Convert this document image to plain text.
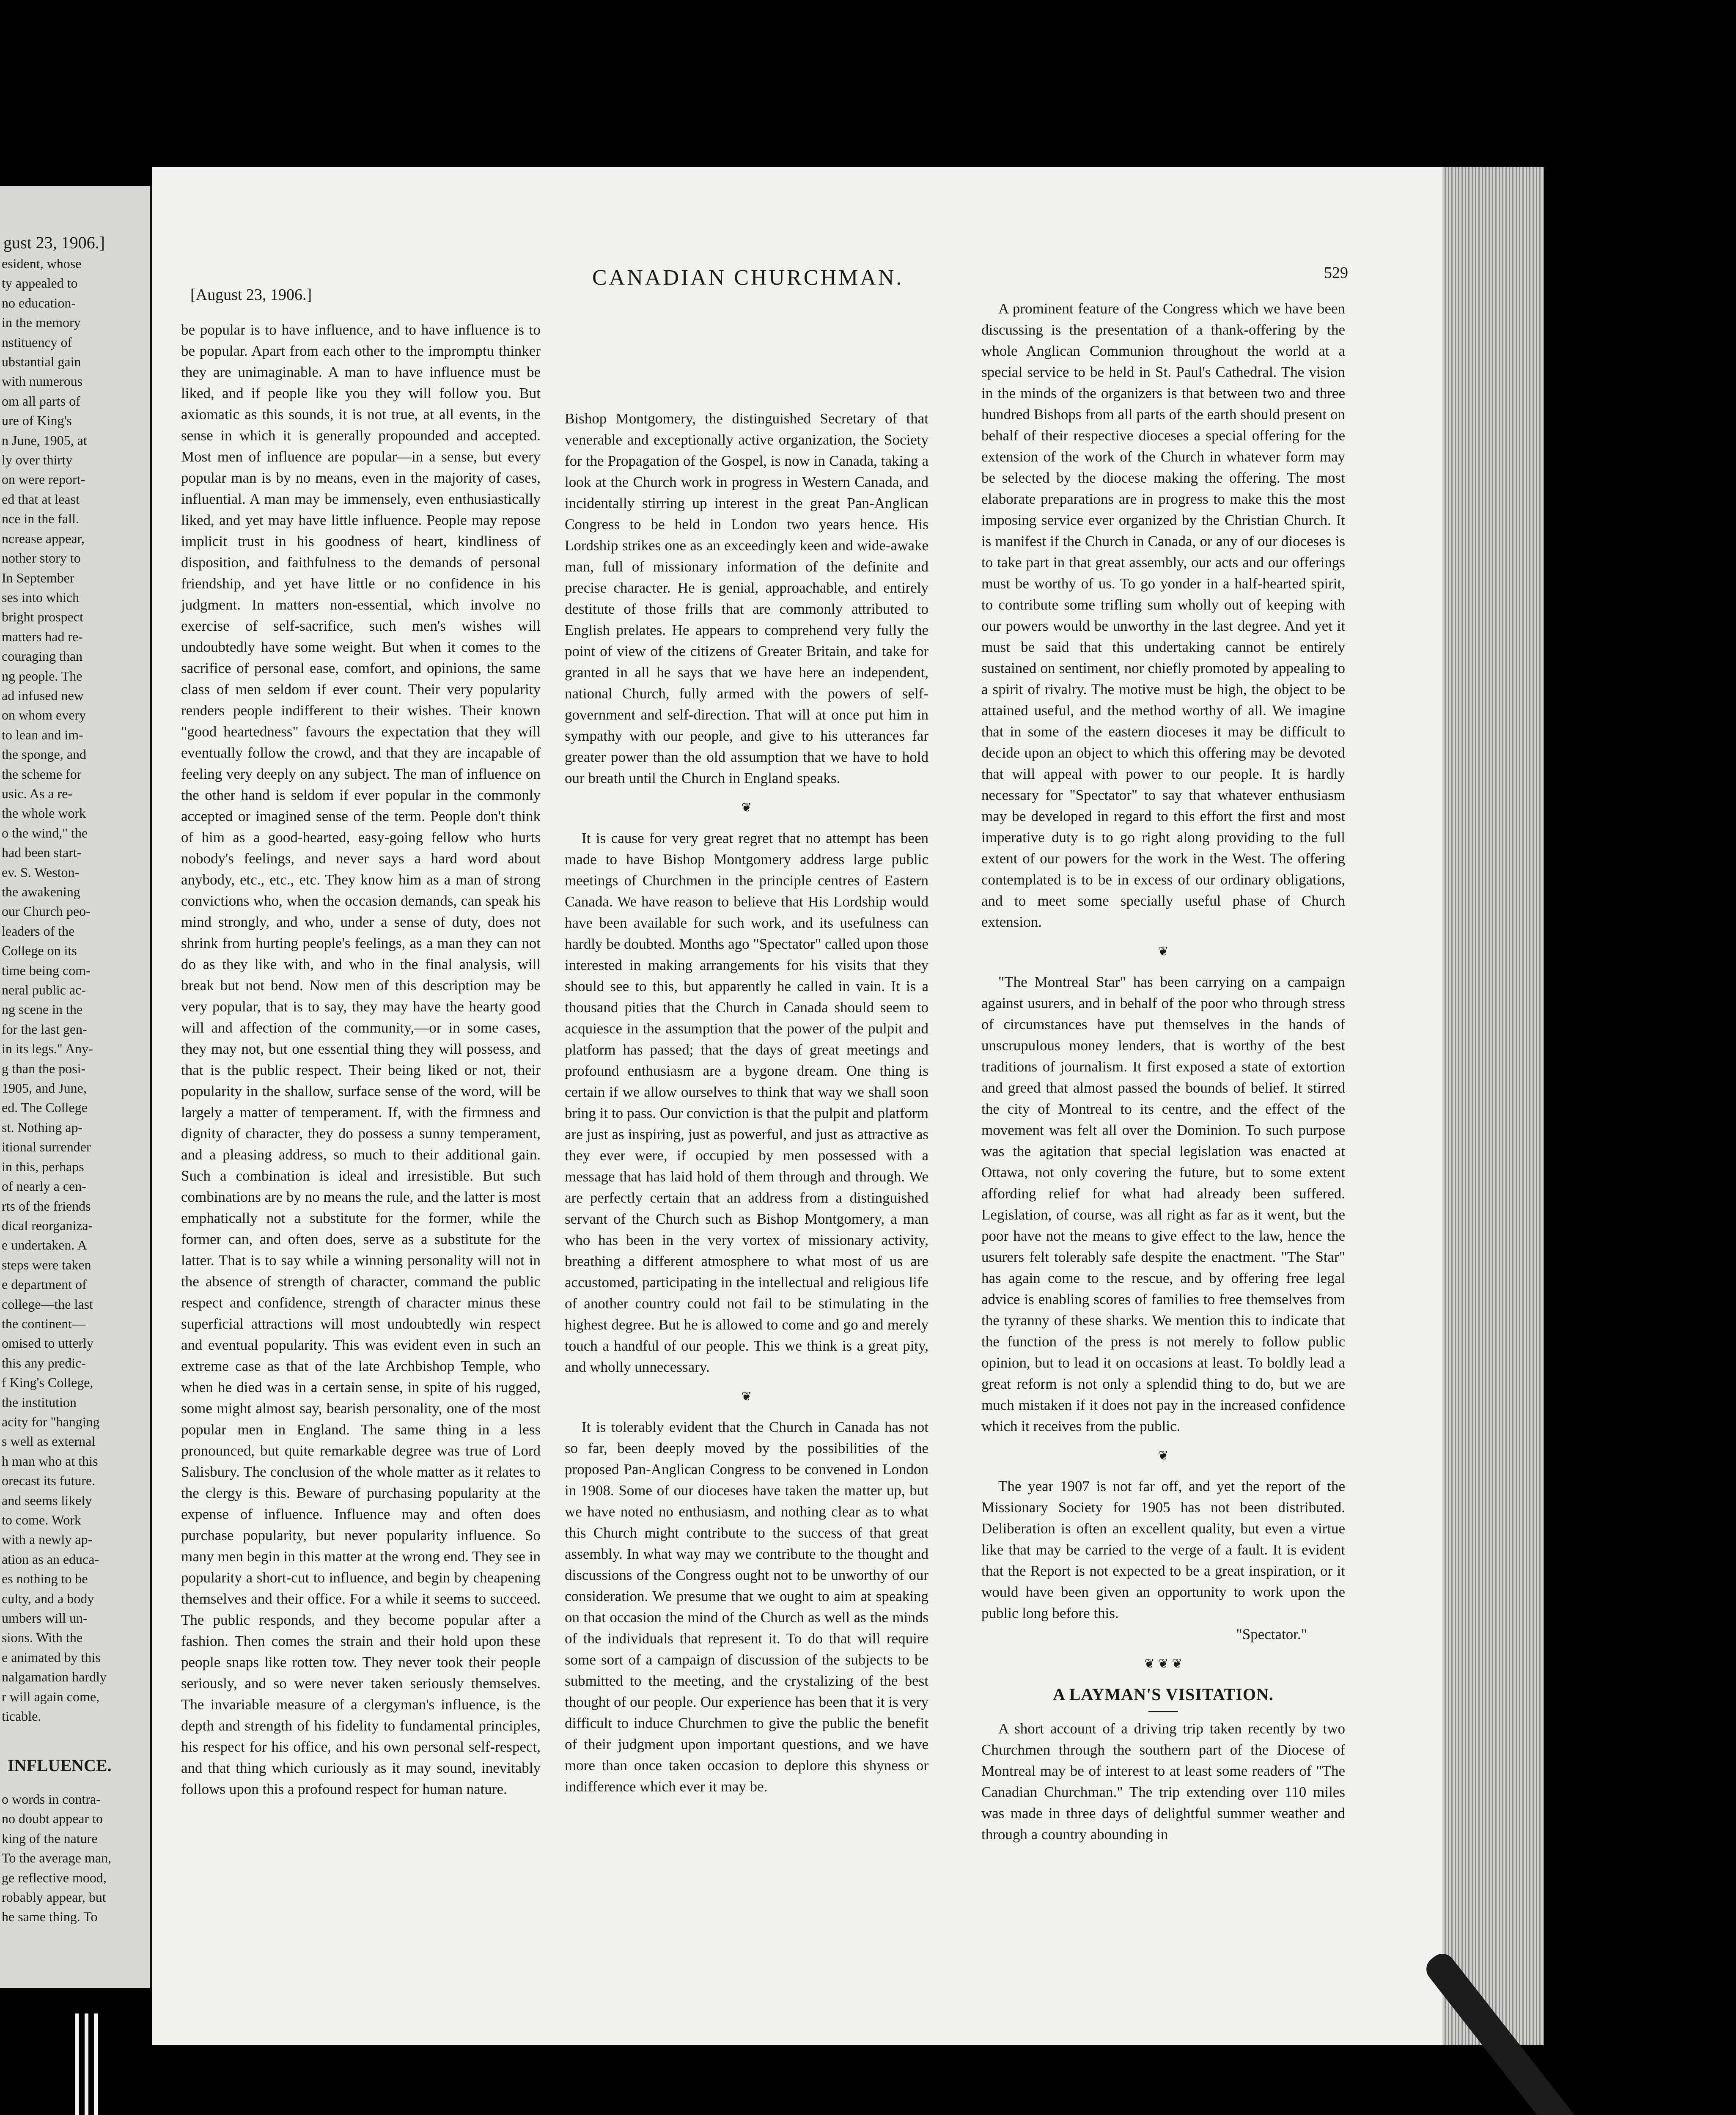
gust 23, 1906.]
esident, whose
ty appealed to
no education-
in the memory
nstituency of
ubstantial gain
with numerous
om all parts of
ure of King's
n June, 1905, at
ly over thirty
on were report-
ed that at least
nce in the fall.
ncrease appear,
nother story to
In September
ses into which
bright prospect
matters had re-
couraging than
ng people. The
ad infused new
on whom every
to lean and im-
the sponge, and
the scheme for
usic. As a re-
the whole work
o the wind," the
had been start-
ev. S. Weston-
the awakening
our Church peo-
leaders of the
College on its
time being com-
neral public ac-
ng scene in the
for the last gen-
in its legs." Any-
g than the posi-
1905, and June,
ed. The College
st. Nothing ap-
itional surrender
in this, perhaps
of nearly a cen-
rts of the friends
dical reorganiza-
e undertaken. A
steps were taken
e department of
college—the last
the continent—
omised to utterly
this any predic-
f King's College,
the institution
acity for "hanging
s well as external
h man who at this
orecast its future.
and seems likely
to come. Work
with a newly ap-
ation as an educa-
es nothing to be
culty, and a body
umbers will un-
sions. With the
e animated by this
nalgamation hardly
r will again come,
ticable.
INFLUENCE.
o words in contra-
no doubt appear to
king of the nature
To the average man,
ge reflective mood,
robably appear, but
he same thing. To
[August 23, 1906.]
CANADIAN CHURCHMAN.	529

be popular is to have influence, and to have influence is to be popular. Apart from each other to the impromptu thinker they are unimaginable. A man to have influence must be liked, and if people like you they will follow you. But axiomatic as this sounds, it is not true, at all events, in the sense in which it is generally propounded and accepted. Most men of influence are popular—in a sense, but every popular man is by no means, even in the majority of cases, influential. A man may be immensely, even enthusiastically liked, and yet may have little influence. People may repose implicit trust in his goodness of heart, kindliness of disposition, and faithfulness to the demands of personal friendship, and yet have little or no confidence in his judgment. In matters non-essential, which involve no exercise of self-sacrifice, such men's wishes will undoubtedly have some weight. But when it comes to the sacrifice of personal ease, comfort, and opinions, the same class of men seldom if ever count. Their very popularity renders people indifferent to their wishes. Their known "good heartedness" favours the expectation that they will eventually follow the crowd, and that they are incapable of feeling very deeply on any subject. The man of influence on the other hand is seldom if ever popular in the commonly accepted or imagined sense of the term. People don't think of him as a good-hearted, easy-going fellow who hurts nobody's feelings, and never says a hard word about anybody, etc., etc., etc. They know him as a man of strong convictions who, when the occasion demands, can speak his mind strongly, and who, under a sense of duty, does not shrink from hurting people's feelings, as a man they can not do as they like with, and who in the final analysis, will break but not bend. Now men of this description may be very popular, that is to say, they may have the hearty good will and affection of the community,—or in some cases, they may not, but one essential thing they will possess, and that is the public respect. Their being liked or not, their popularity in the shallow, surface sense of the word, will be largely a matter of temperament. If, with the firmness and dignity of character, they do possess a sunny temperament, and a pleasing address, so much to their additional gain. Such a combination is ideal and irresistible. But such combinations are by no means the rule, and the latter is most emphatically not a substitute for the former, while the former can, and often does, serve as a substitute for the latter. That is to say while a winning personality will not in the absence of strength of character, command the public respect and confidence, strength of character minus these superficial attractions will most undoubtedly win respect and eventual popularity. This was evident even in such an extreme case as that of the late Archbishop Temple, who when he died was in a certain sense, in spite of his rugged, some might almost say, bearish personality, one of the most popular men in England. The same thing in a less pronounced, but quite remarkable degree was true of Lord Salisbury. The conclusion of the whole matter as it relates to the clergy is this. Beware of purchasing popularity at the expense of influence. Influence may and often does purchase popularity, but never popularity influence. So many men begin in this matter at the wrong end. They see in popularity a short-cut to influence, and begin by cheapening themselves and their office. For a while it seems to succeed. The public responds, and they become popular after a fashion. Then comes the strain and their hold upon these people snaps like rotten tow. They never took their people seriously, and so were never taken seriously themselves. The invariable measure of a clergyman's influence, is the depth and strength of his fidelity to fundamental principles, his respect for his office, and his own personal self-respect, and that thing which curiously as it may sound, inevitably follows upon this a profound respect for human nature.

Bishop Montgomery, the distinguished Secretary of that venerable and exceptionally active organization, the Society for the Propagation of the Gospel, is now in Canada, taking a look at the Church work in progress in Western Canada, and incidentally stirring up interest in the great Pan-Anglican Congress to be held in London two years hence. His Lordship strikes one as an exceedingly keen and wide-awake man, full of missionary information of the definite and precise character. He is genial, approachable, and entirely destitute of those frills that are commonly attributed to English prelates. He appears to comprehend very fully the point of view of the citizens of Greater Britain, and take for granted in all he says that we have here an independent, national Church, fully armed with the powers of self-government and self-direction. That will at once put him in sympathy with our people, and give to his utterances far greater power than the old assumption that we have to hold our breath until the Church in England speaks.

❦

It is cause for very great regret that no attempt has been made to have Bishop Montgomery address large public meetings of Churchmen in the principle centres of Eastern Canada. We have reason to believe that His Lordship would have been available for such work, and its usefulness can hardly be doubted. Months ago "Spectator" called upon those interested in making arrangements for his visits that they should see to this, but apparently he called in vain. It is a thousand pities that the Church in Canada should seem to acquiesce in the assumption that the power of the pulpit and platform has passed; that the days of great meetings and profound enthusiasm are a bygone dream. One thing is certain if we allow ourselves to think that way we shall soon bring it to pass. Our conviction is that the pulpit and platform are just as inspiring, just as powerful, and just as attractive as they ever were, if occupied by men possessed with a message that has laid hold of them through and through. We are perfectly certain that an address from a distinguished servant of the Church such as Bishop Montgomery, a man who has been in the very vortex of missionary activity, breathing a different atmosphere to what most of us are accustomed, participating in the intellectual and religious life of another country could not fail to be stimulating in the highest degree. But he is allowed to come and go and merely touch a handful of our people. This we think is a great pity, and wholly unnecessary.

❦

It is tolerably evident that the Church in Canada has not so far, been deeply moved by the possibilities of the proposed Pan-Anglican Congress to be convened in London in 1908. Some of our dioceses have taken the matter up, but we have noted no enthusiasm, and nothing clear as to what this Church might contribute to the success of that great assembly. In what way may we contribute to the thought and discussions of the Congress ought not to be unworthy of our consideration. We presume that we ought to aim at speaking on that occasion the mind of the Church as well as the minds of the individuals that represent it. To do that will require some sort of a campaign of discussion of the subjects to be submitted to the meeting, and the crystalizing of the best thought of our people. Our experience has been that it is very difficult to induce Churchmen to give the public the benefit of their judgment upon important questions, and we have more than once taken occasion to deplore this shyness or indifference which ever it may be.

A prominent feature of the Congress which we have been discussing is the presentation of a thank-offering by the whole Anglican Communion throughout the world at a special service to be held in St. Paul's Cathedral. The vision in the minds of the organizers is that between two and three hundred Bishops from all parts of the earth should present on behalf of their respective dioceses a special offering for the extension of the work of the Church in whatever form may be selected by the diocese making the offering. The most elaborate preparations are in progress to make this the most imposing service ever organized by the Christian Church. It is manifest if the Church in Canada, or any of our dioceses is to take part in that great assembly, our acts and our offerings must be worthy of us. To go yonder in a half-hearted spirit, to contribute some trifling sum wholly out of keeping with our powers would be unworthy in the last degree. And yet it must be said that this undertaking cannot be entirely sustained on sentiment, nor chiefly promoted by appealing to a spirit of rivalry. The motive must be high, the object to be attained useful, and the method worthy of all. We imagine that in some of the eastern dioceses it may be difficult to decide upon an object to which this offering may be devoted that will appeal with power to our people. It is hardly necessary for "Spectator" to say that whatever enthusiasm may be developed in regard to this effort the first and most imperative duty is to go right along providing to the full extent of our powers for the work in the West. The offering contemplated is to be in excess of our ordinary obligations, and to meet some specially useful phase of Church extension.

❦

"The Montreal Star" has been carrying on a campaign against usurers, and in behalf of the poor who through stress of circumstances have put themselves in the hands of unscrupulous money lenders, that is worthy of the best traditions of journalism. It first exposed a state of extortion and greed that almost passed the bounds of belief. It stirred the city of Montreal to its centre, and the effect of the movement was felt all over the Dominion. To such purpose was the agitation that special legislation was enacted at Ottawa, not only covering the future, but to some extent affording relief for what had already been suffered. Legislation, of course, was all right as far as it went, but the poor have not the means to give effect to the law, hence the usurers felt tolerably safe despite the enactment. "The Star" has again come to the rescue, and by offering free legal advice is enabling scores of families to free themselves from the tyranny of these sharks. We mention this to indicate that the function of the press is not merely to follow public opinion, but to lead it on occasions at least. To boldly lead a great reform is not only a splendid thing to do, but we are much mistaken if it does not pay in the increased confidence which it receives from the public.

❦

The year 1907 is not far off, and yet the report of the Missionary Society for 1905 has not been distributed. Deliberation is often an excellent quality, but even a virtue like that may be carried to the verge of a fault. It is evident that the Report is not expected to be a great inspiration, or it would have been given an opportunity to work upon the public long before this.

"Spectator."

❦ ❦ ❦
A LAYMAN'S VISITATION.

A short account of a driving trip taken recently by two Churchmen through the southern part of the Diocese of Montreal may be of interest to at least some readers of "The Canadian Churchman." The trip extending over 110 miles was made in three days of delightful summer weather and through a country abounding in
